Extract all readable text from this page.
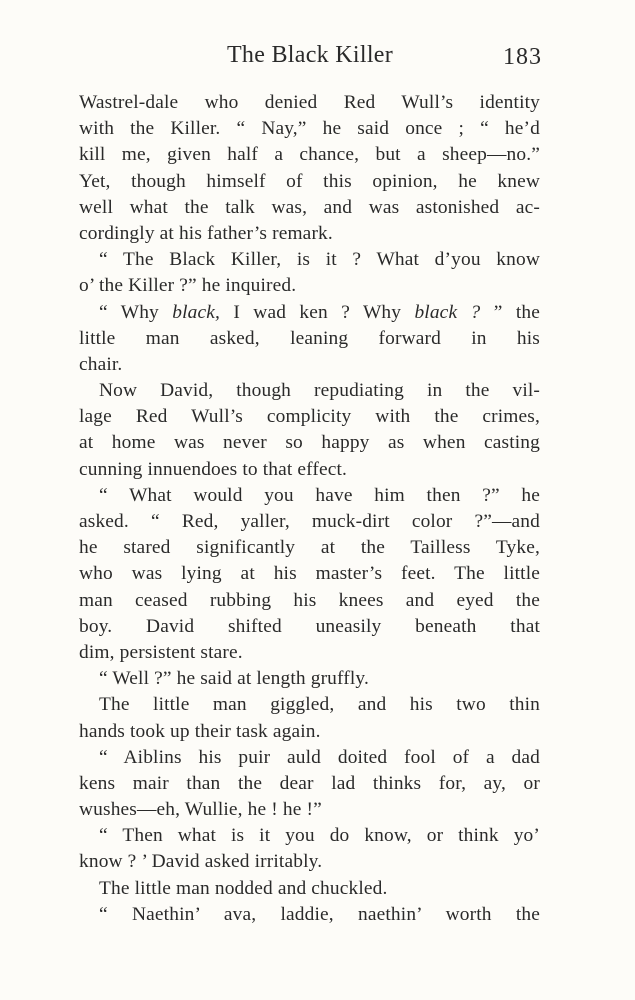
The Black Killer	183
Wastrel-dale who denied Red Wull’s identity
with the Killer. “ Nay,” he said once ; “ he’d
kill me, given half a chance, but a sheep—no.”
Yet, though himself of this opinion, he knew
well what the talk was, and was astonished ac-
cordingly at his father’s remark.
“ The Black Killer, is it ? What d’you know
o’ the Killer ?” he inquired.
“ Why black, I wad ken ? Why black ? ” the
little man asked, leaning forward in his
chair.
Now David, though repudiating in the vil-
lage Red Wull’s complicity with the crimes,
at home was never so happy as when casting
cunning innuendoes to that effect.
“ What would you have him then ?” he
asked. “ Red, yaller, muck-dirt color ?”—and
he stared significantly at the Tailless Tyke,
who was lying at his master’s feet. The little
man ceased rubbing his knees and eyed the
boy. David shifted uneasily beneath that
dim, persistent stare.
“ Well ?” he said at length gruffly.
The little man giggled, and his two thin
hands took up their task again.
“ Aiblins his puir auld doited fool of a dad
kens mair than the dear lad thinks for, ay, or
wushes—eh, Wullie, he ! he !”
“ Then what is it you do know, or think yo’
know ? ’ David asked irritably.
The little man nodded and chuckled.
“ Naethin’ ava, laddie, naethin’ worth the
